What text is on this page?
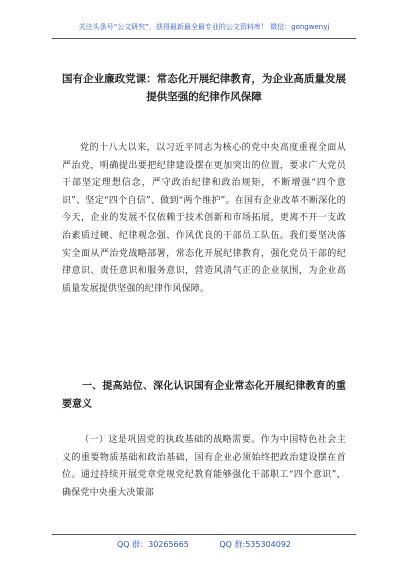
关注头条号“公文研究”，获得最新最全最专业的公文资料库！ 微信：gongwenyj
国有企业廉政党课：常态化开展纪律教育，为企业高质量发展提供坚强的纪律作风保障

党的十八大以来，以习近平同志为核心的党中央高度重视全面从严治党，明确提出要把纪律建设摆在更加突出的位置，要求广大党员干部坚定理想信念，严守政治纪律和政治规矩，不断增强“四个意识”、坚定“四个自信”、做到“两个维护”。在国有企业改革不断深化的今天，企业的发展不仅依赖于技术创新和市场拓展，更离不开一支政治素质过硬、纪律观念强、作风优良的干部员工队伍。我们要坚决落实全面从严治党战略部署，常态化开展纪律教育，强化党员干部的纪律意识、责任意识和服务意识，营造风清气正的企业氛围，为企业高质量发展提供坚强的纪律作风保障。

一、提高站位、深化认识国有企业常态化开展纪律教育的重要意义

（一）这是巩固党的执政基础的战略需要。作为中国特色社会主义的重要物质基础和政治基础，国有企业必须始终把政治建设摆在首位。通过持续开展党章党规党纪教育能够强化干部职工“四个意识”，确保党中央重大决策部

QQ 群：30265665	QQ 群:535304092
